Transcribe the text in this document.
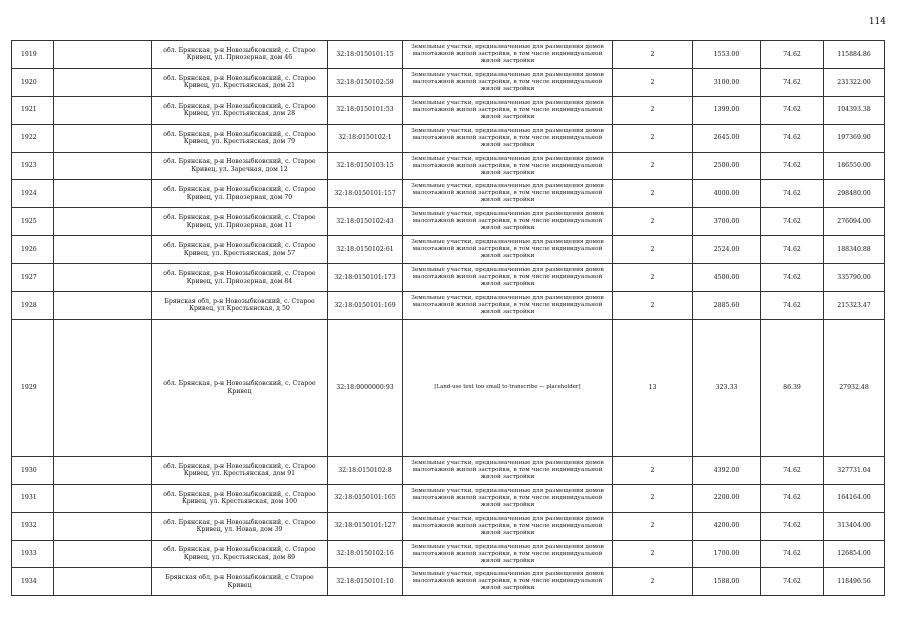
114
1919		обл. Брянская, р-н Новозыбковский, с. Старое Кривец, ул. Приозерная, дом 46	32:18:0150101:15	Земельные участки, предназначенные для размещения домов малоэтажной жилой застройки, в том числе индивидуальной жилой застройки	2	1553.00	74.62	115884.86
1920		обл. Брянская, р-н Новозыбковский, с. Старое Кривец, ул. Крестьянская, дом 21	32:18:0150102:59	Земельные участки, предназначенные для размещения домов малоэтажной жилой застройки, в том числе индивидуальной жилой застройки	2	3100.00	74.62	231322.00
1921		обл. Брянская, р-н Новозыбковский, с. Старое Кривец, ул. Крестьянская, дом 28	32:18:0150101:53	Земельные участки, предназначенные для размещения домов малоэтажной жилой застройки, в том числе индивидуальной жилой застройки	2	1399.00	74.62	104393.38
1922		обл. Брянская, р-н Новозыбковский, с. Старое Кривец, ул. Крестьянская, дом 79	32:18:0150102:1	Земельные участки, предназначенные для размещения домов малоэтажной жилой застройки, в том числе индивидуальной жилой застройки	2	2645.00	74.62	197369.90
1923		обл. Брянская, р-н Новозыбковский, с. Старое Кривец, ул. Заречная, дом 12	32:18:0150103:15	Земельные участки, предназначенные для размещения домов малоэтажной жилой застройки, в том числе индивидуальной жилой застройки	2	2500.00	74.62	186550.00
1924		обл. Брянская, р-н Новозыбковский, с. Старое Кривец, ул. Приозерная, дом 70	32:18:0150101:157	Земельные участки, предназначенные для размещения домов малоэтажной жилой застройки, в том числе индивидуальной жилой застройки	2	4000.00	74.62	298480.00
1925		обл. Брянская, р-н Новозыбковский, с. Старое Кривец, ул. Приозерная, дом 11	32:18:0150102:43	Земельные участки, предназначенные для размещения домов малоэтажной жилой застройки, в том числе индивидуальной жилой застройки	2	3700.00	74.62	276094.00
1926		обл. Брянская, р-н Новозыбковский, с. Старое Кривец, ул. Крестьянская, дом 57	32:18:0150102:61	Земельные участки, предназначенные для размещения домов малоэтажной жилой застройки, в том числе индивидуальной жилой застройки	2	2524.00	74.62	188340.88
1927		обл. Брянская, р-н Новозыбковский, с. Старое Кривец, ул. Приозерная, дом 84	32:18:0150101:173	Земельные участки, предназначенные для размещения домов малоэтажной жилой застройки, в том числе индивидуальной жилой застройки	2	4500.00	74.62	335790.00
1928		Брянская обл, р-н Новозыбковский, с. Старое Кривец, ул Крестьянская, д 50	32:18:0150101:169	Земельные участки, предназначенные для размещения домов малоэтажной жилой застройки, в том числе индивидуальной жилой застройки	2	2885.60	74.62	215323.47
1929		обл. Брянская, р-н Новозыбковский, с. Старое Кривец	32:18:0000000:93	[Land-use text too small to transcribe — placeholder]	13	323.33	86.39	27932.48
1930		обл. Брянская, р-н Новозыбковский, с. Старое Кривец, ул. Крестьянская, дом 91	32:18:0150102:8	Земельные участки, предназначенные для размещения домов малоэтажной жилой застройки, в том числе индивидуальной жилой застройки	2	4392.00	74.62	327731.04
1931		обл. Брянская, р-н Новозыбковский, с. Старое Кривец, ул. Крестьянская, дом 100	32:18:0150101:165	Земельные участки, предназначенные для размещения домов малоэтажной жилой застройки, в том числе индивидуальной жилой застройки	2	2200.00	74.62	164164.00
1932		обл. Брянская, р-н Новозыбковский, с. Старое Кривец, ул. Новая, дом 39	32:18:0150101:127	Земельные участки, предназначенные для размещения домов малоэтажной жилой застройки, в том числе индивидуальной жилой застройки	2	4200.00	74.62	313404.00
1933		обл. Брянская, р-н Новозыбковский, с. Старое Кривец, ул. Крестьянская, дом 89	32:18:0150102:16	Земельные участки, предназначенные для размещения домов малоэтажной жилой застройки, в том числе индивидуальной жилой застройки	2	1700.00	74.62	126854.00
1934		Брянская обл, р-н Новозыбковский, с Старое Кривец	32:18:0150101:10	Земельные участки, предназначенные для размещения домов малоэтажной жилой застройки, в том числе индивидуальной жилой застройки	2	1588.00	74.62	118496.56
